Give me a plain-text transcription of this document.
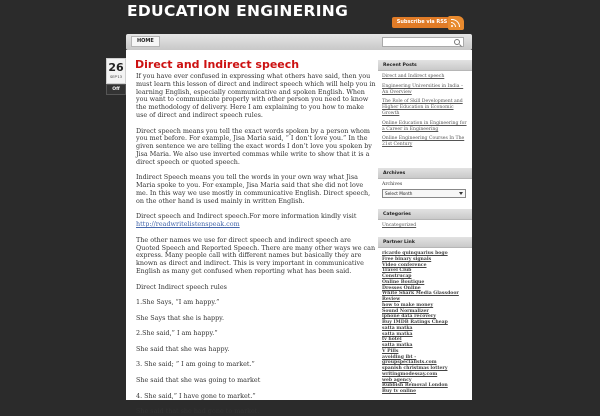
EDUCATION ENGINERING
Subscribe via RSS
HOME
Direct and Indirect speech

If you have ever confused in expressing what others have said, then you must learn this lesson of direct and indirect speech which will help you in learning English, especially communicative and spoken English. When you want to communicate properly with other person you need to know the methodology of delivery. Here I am explaining to you how to make use of direct and indirect speech rules.

Direct speech means you tell the exact words spoken by a person whom you met before. For example, Jisa Maria said, “ I don’t love you.” In the given sentence we are telling the exact words I don’t love you spoken by Jisa Maria. We also use inverted commas while write to show that it is a direct speech or quoted speech.

Indirect Speech means you tell the words in your own way what Jisa Maria spoke to you. For example, Jisa Maria said that she did not love me. In this way we use mostly in communicative English. Direct speech, on the other hand is used mainly in written English.

Direct speech and Indirect speech.For more information kindly visit
http://readwritelistenspeak.com

The other names we use for direct speech and indirect speech are Quoted Speech and Reported Speech. There are many other ways we can express. Many people call with different names but basically they are known as direct and indirect. This is very important in communicative English as many get confused when reporting what has been said.

Direct Indirect speech rules

1.She Says, “I am happy.”

She Says that she is happy.

2.She said,” I am happy.”

She said that she was happy.

3. She said; ” I am going to market.”

She said that she was going to market

4. She said,” I have gone to market.”

She said that she had gone to market.

26
SEP'13
Off
Recent Posts
Direct and Indirect speech
Engineering Universities in India – An Overview
The Role of Skill Development and Higher Education in Economic Growth
Online Education in Engineering for a Career in Engineering
Online Engineering Courses In The 21st Century
Archives
Archives
Select Month
Categories
Uncategorized
Partner Link
ricardo quinquarius bogo
Free binary signals
Video conference
Travel Club
Construcap
Online Boutique
Dresses Online
White Shark Media Glassdoor
Review
how to make money
Sound Normalizer
iphone data recovery
Buy IMDB Ratings Cheap
satta matka
satta matka
tv hotel
satta matka
V Pills
avoiding ibt -
groupspecialists.com
spanish christmas lottery
writingmodessay.com
web agency
Rubbish Removal London
Buy tv online
